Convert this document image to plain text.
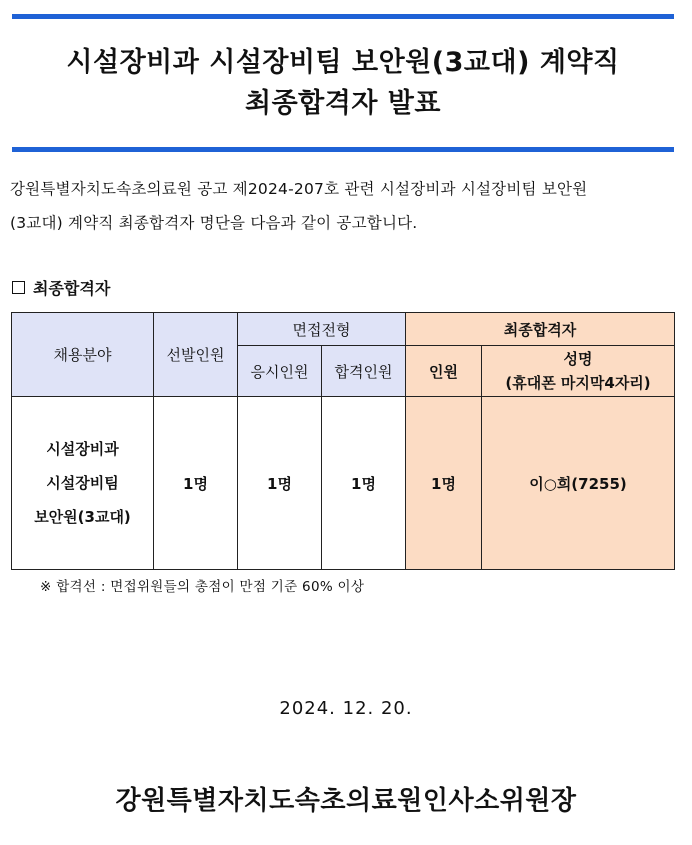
시설장비과 시설장비팀 보안원(3교대) 계약직
최종합격자 발표
강원특별자치도속초의료원 공고 제2024-207호 관련 시설장비과 시설장비팀 보안원
(3교대) 계약직 최종합격자 명단을 다음과 같이 공고합니다.
최종합격자
채용분야	선발인원	면접전형		최종합격자	
		응시인원	합격인원	인원	성명
(휴대폰 마지막4자리)

시설장비과
시설장비팀
보안원(3교대)	1명	1명	1명	1명	이○희(7255)
※ 합격선 : 면접위원들의 총점이 만점 기준 60% 이상
2024. 12. 20.
강원특별자치도속초의료원인사소위원장
